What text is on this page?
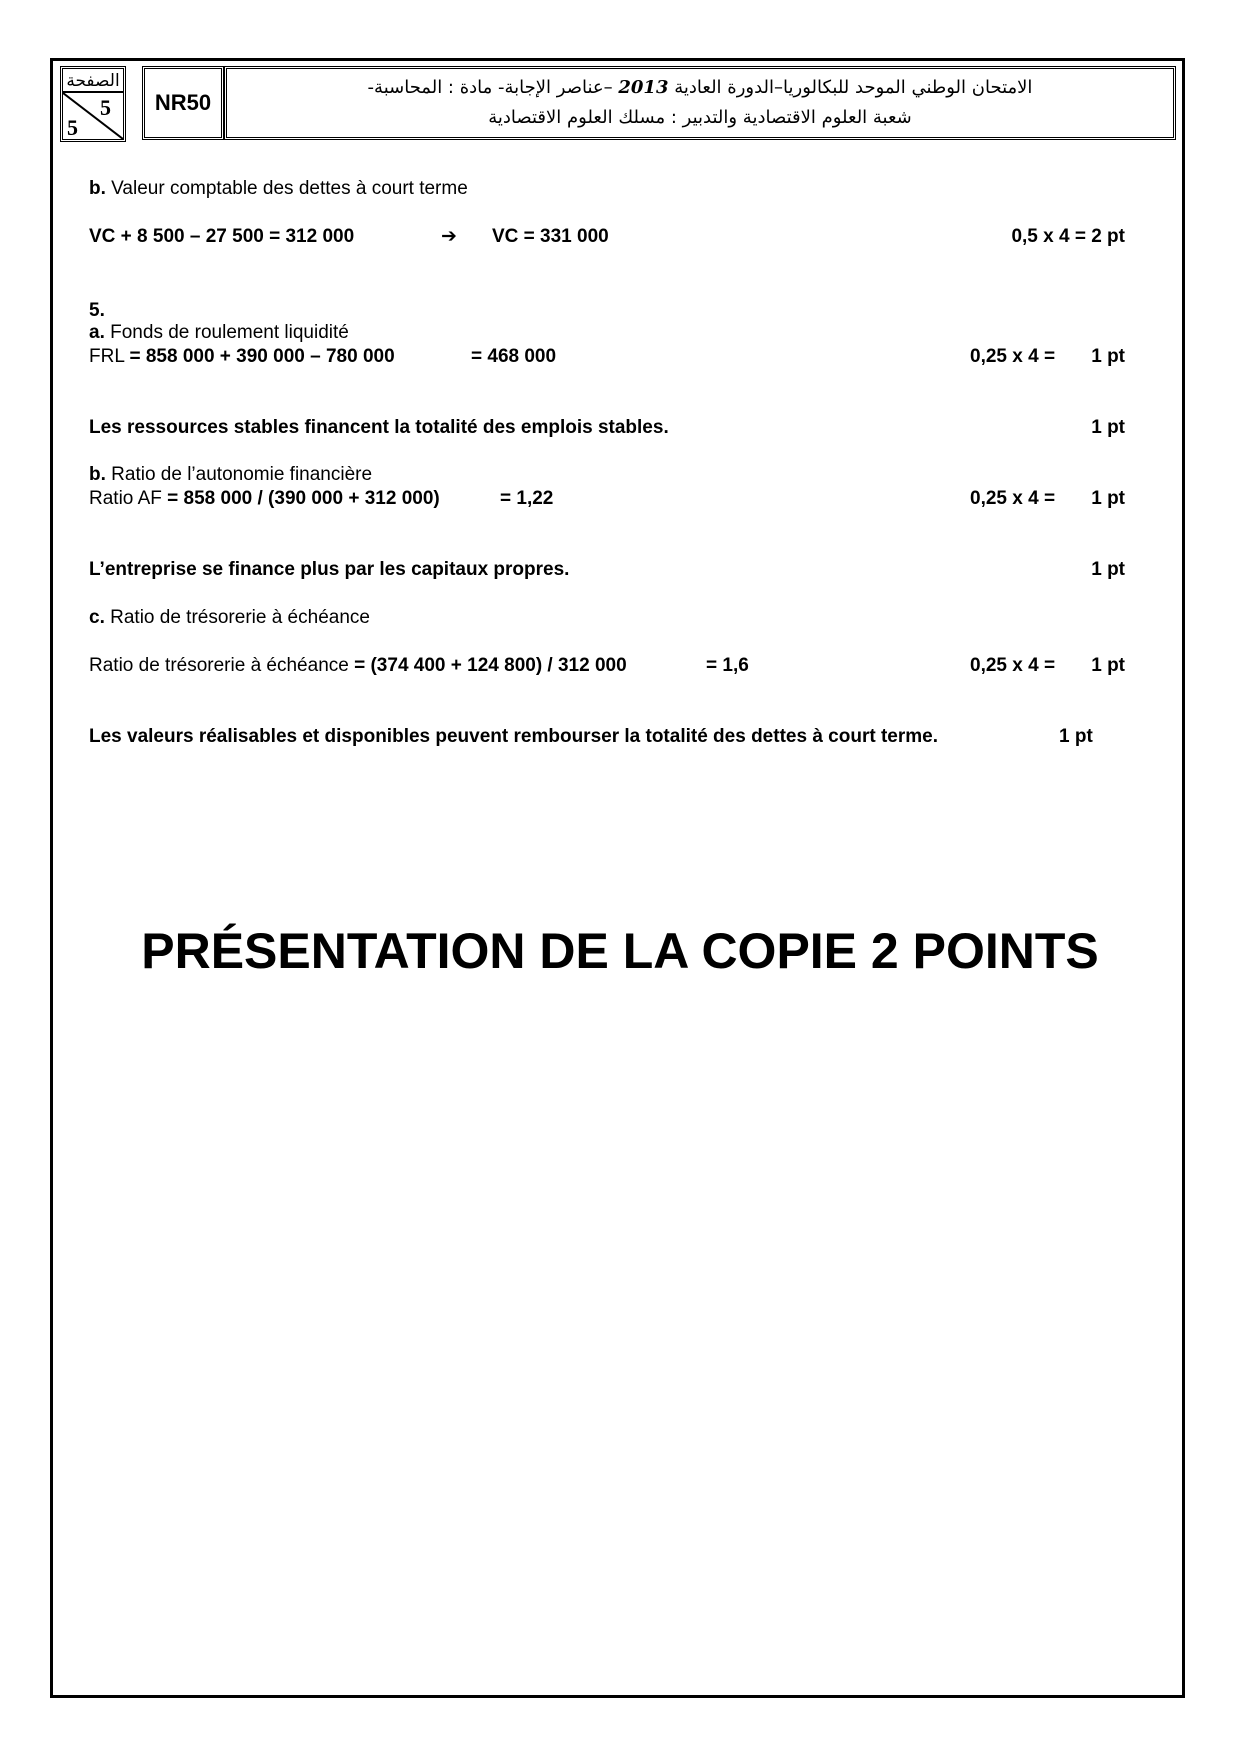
الصفحة
5
5
NR50
الامتحان الوطني الموحد للبكالوريا–الدورة العادية 2013 –عناصر الإجابة- مادة : المحاسبة-
شعبة العلوم الاقتصادية والتدبير : مسلك العلوم الاقتصادية
b. Valeur comptable des dettes à court terme
VC + 8 500 – 27 500 = 312 000	➔ VC = 331 000	0,5 x 4 = 2 pt
5.
a. Fonds de roulement liquidité
FRL = 858 000 + 390 000 – 780 000	= 468 000	0,25 x 4 = 1 pt
Les ressources stables financent la totalité des emplois stables.	1 pt
b. Ratio de l’autonomie financière
Ratio AF = 858 000 / (390 000 + 312 000)	= 1,22	0,25 x 4 = 1 pt
L’entreprise se finance plus par les capitaux propres.	1 pt
c. Ratio de trésorerie à échéance
Ratio de trésorerie à échéance = (374 400 + 124 800) / 312 000	= 1,6	0,25 x 4 = 1 pt
Les valeurs réalisables et disponibles peuvent rembourser la totalité des dettes à court terme.	1 pt
PRÉSENTATION DE LA COPIE 2 POINTS
